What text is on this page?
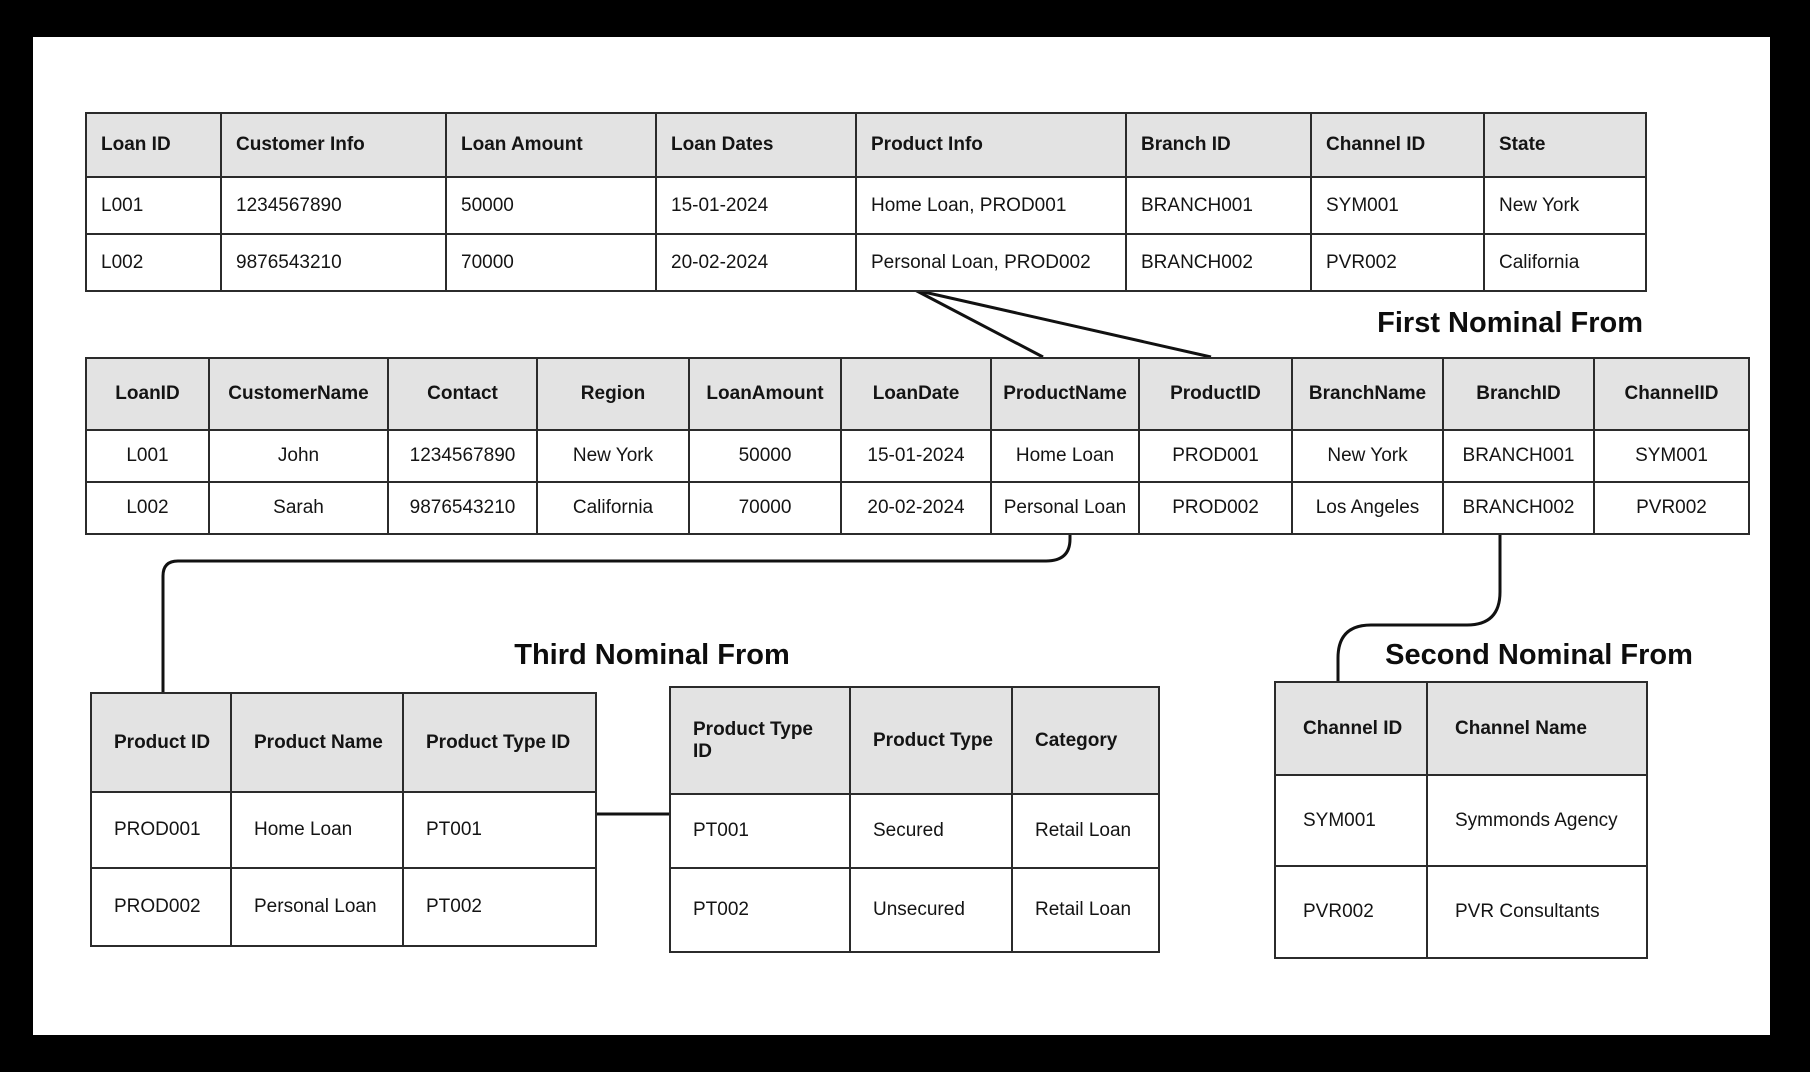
First Nominal From
Third Nominal From	Second Nominal From
Loan ID	Customer Info	Loan Amount	Loan Dates	Product Info	Branch ID	Channel ID	State
L001	1234567890	50000	15-01-2024	Home Loan, PROD001	BRANCH001	SYM001	New York
L002	9876543210	70000	20-02-2024	Personal Loan, PROD002	BRANCH002	PVR002	California
LoanID	CustomerName	Contact	Region	LoanAmount	LoanDate	ProductName	ProductID	BranchName	BranchID	ChannelID
L001	John	1234567890	New York	50000	15-01-2024	Home Loan	PROD001	New York	BRANCH001	SYM001
L002	Sarah	9876543210	California	70000	20-02-2024	Personal Loan	PROD002	Los Angeles	BRANCH002	PVR002
Product ID	Product Name	Product Type ID
PROD001	Home Loan	PT001
PROD002	Personal Loan	PT002
Product Type ID	Product Type	Category
PT001	Secured	Retail Loan
PT002	Unsecured	Retail Loan
Channel ID	Channel Name
SYM001	Symmonds Agency
PVR002	PVR Consultants
